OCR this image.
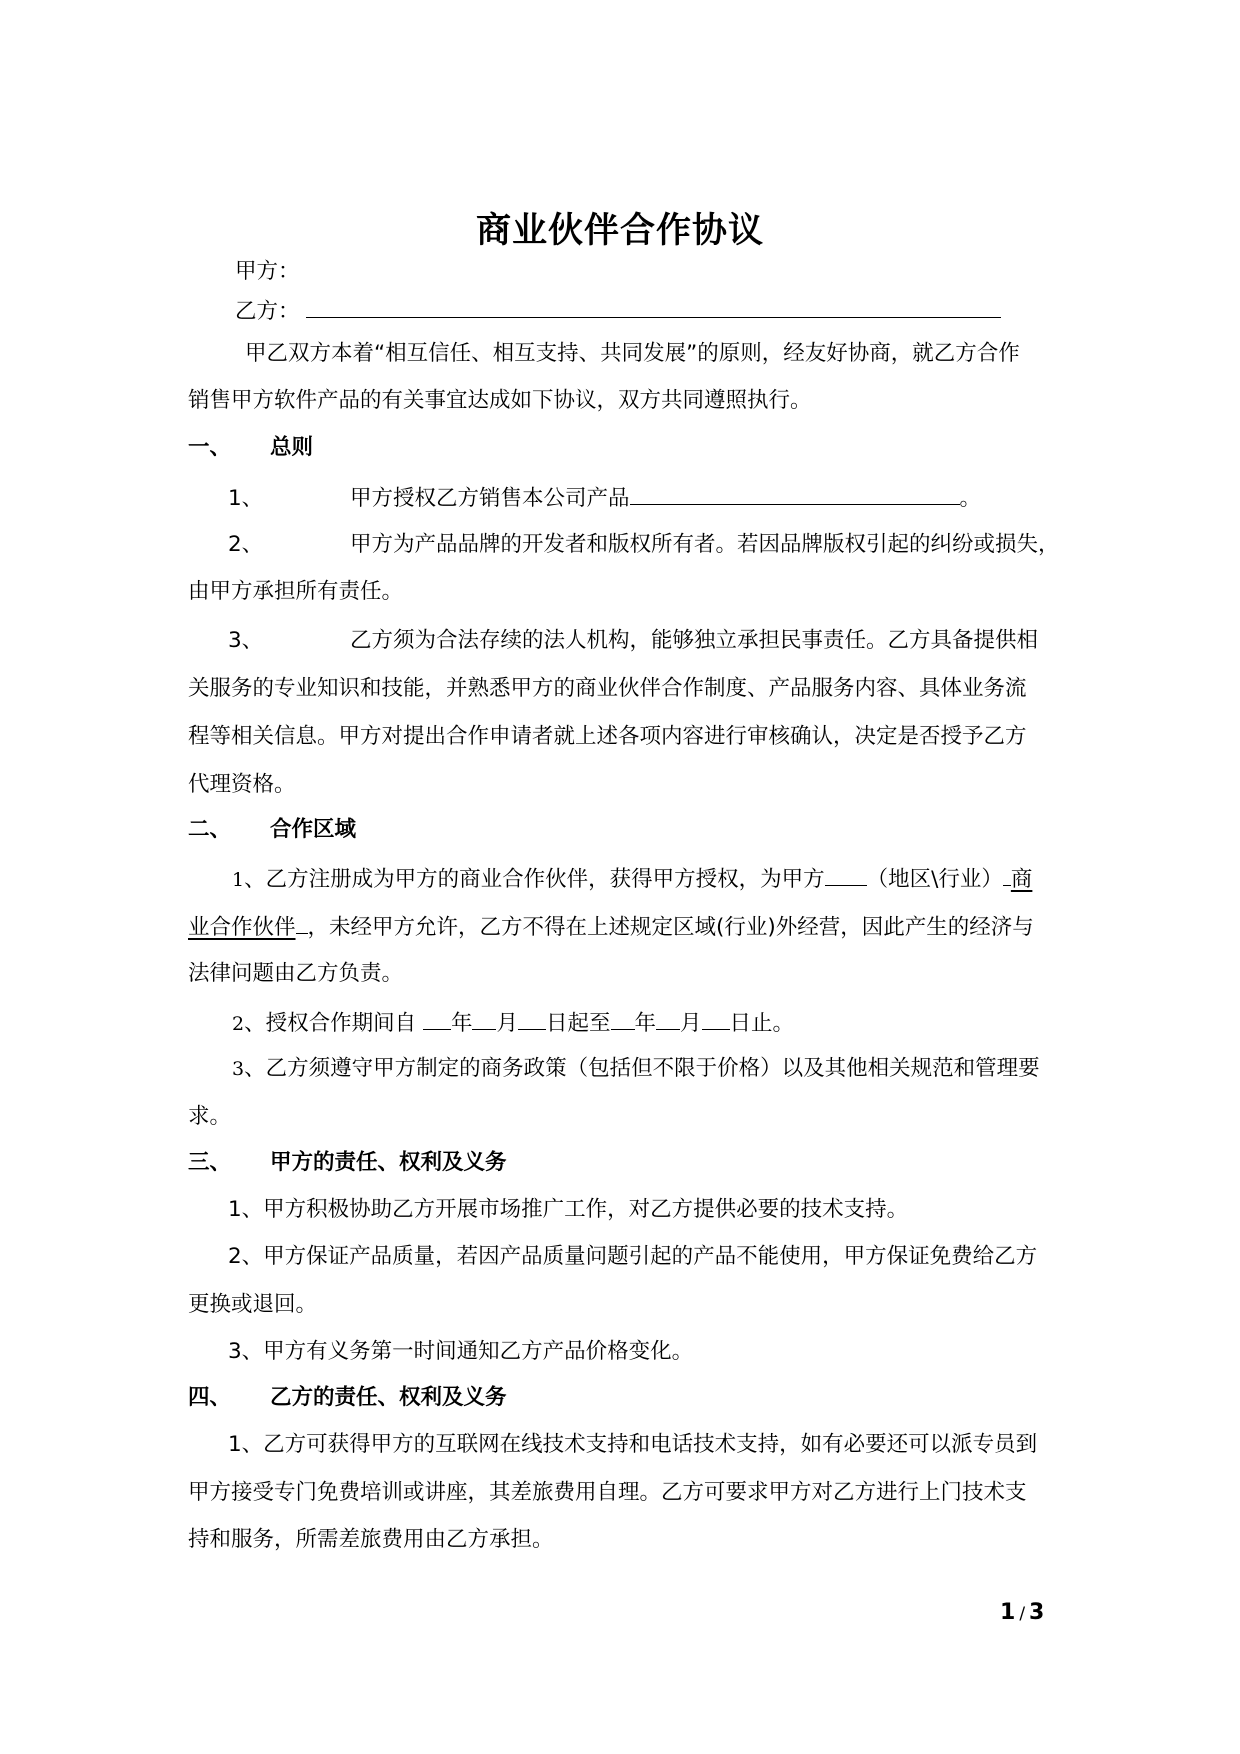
商业伙伴合作协议
甲方：
乙方：
甲乙双方本着“相互信任、相互支持、共同发展”的原则，经友好协商，就乙方合作
销售甲方软件产品的有关事宜达成如下协议，双方共同遵照执行。
一、 总则
1、	甲方授权乙方销售本公司产品	。
2、	甲方为产品品牌的开发者和版权所有者。若因品牌版权引起的纠纷或损失，
由甲方承担所有责任。
3、	乙方须为合法存续的法人机构，能够独立承担民事责任。乙方具备提供相
关服务的专业知识和技能，并熟悉甲方的商业伙伴合作制度、产品服务内容、具体业务流
程等相关信息。甲方对提出合作申请者就上述各项内容进行审核确认，决定是否授予乙方
代理资格。
二、 合作区域
1、乙方注册成为甲方的商业合作伙伴，获得甲方授权，为甲方 （地区\行业） 商
业合作伙伴 ，未经甲方允许，乙方不得在上述规定区域(行业)外经营，因此产生的经济与
法律问题由乙方负责。
2、授权合作期间自 年 月 日起至 年 月 日止。
3、乙方须遵守甲方制定的商务政策（包括但不限于价格）以及其他相关规范和管理要
求。
三、 甲方的责任、权利及义务
1、甲方积极协助乙方开展市场推广工作，对乙方提供必要的技术支持。
2、甲方保证产品质量，若因产品质量问题引起的产品不能使用，甲方保证免费给乙方
更换或退回。
3、甲方有义务第一时间通知乙方产品价格变化。
四、 乙方的责任、权利及义务
1、乙方可获得甲方的互联网在线技术支持和电话技术支持，如有必要还可以派专员到
甲方接受专门免费培训或讲座，其差旅费用自理。乙方可要求甲方对乙方进行上门技术支
持和服务，所需差旅费用由乙方承担。
1 / 3
